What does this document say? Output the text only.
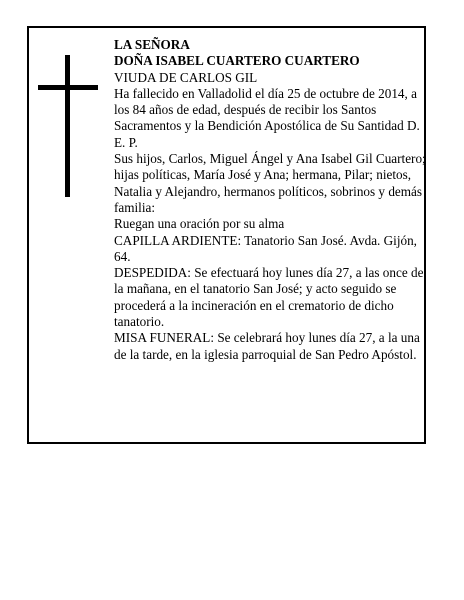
LA SEÑORA

DOÑA ISABEL CUARTERO CUARTERO

VIUDA DE CARLOS GIL

Ha fallecido en Valladolid el día 25 de octubre de 2014, a los 84 años de edad, después de recibir los Santos Sacramentos y la Bendición Apostólica de Su Santidad D. E. P.

Sus hijos, Carlos, Miguel Ángel y Ana Isabel Gil Cuartero; hijas políticas, María José y Ana; hermana, Pilar; nietos, Natalia y Alejandro, hermanos políticos, sobrinos y demás familia:

Ruegan una oración por su alma

CAPILLA ARDIENTE: Tanatorio San José. Avda. Gijón, 64.

DESPEDIDA: Se efectuará hoy lunes día 27, a las once de la mañana, en el tanatorio San José; y acto seguido se procederá a la incineración en el crematorio de dicho tanatorio.

MISA FUNERAL: Se celebrará hoy lunes día 27, a la una de la tarde, en la iglesia parroquial de San Pedro Apóstol.
